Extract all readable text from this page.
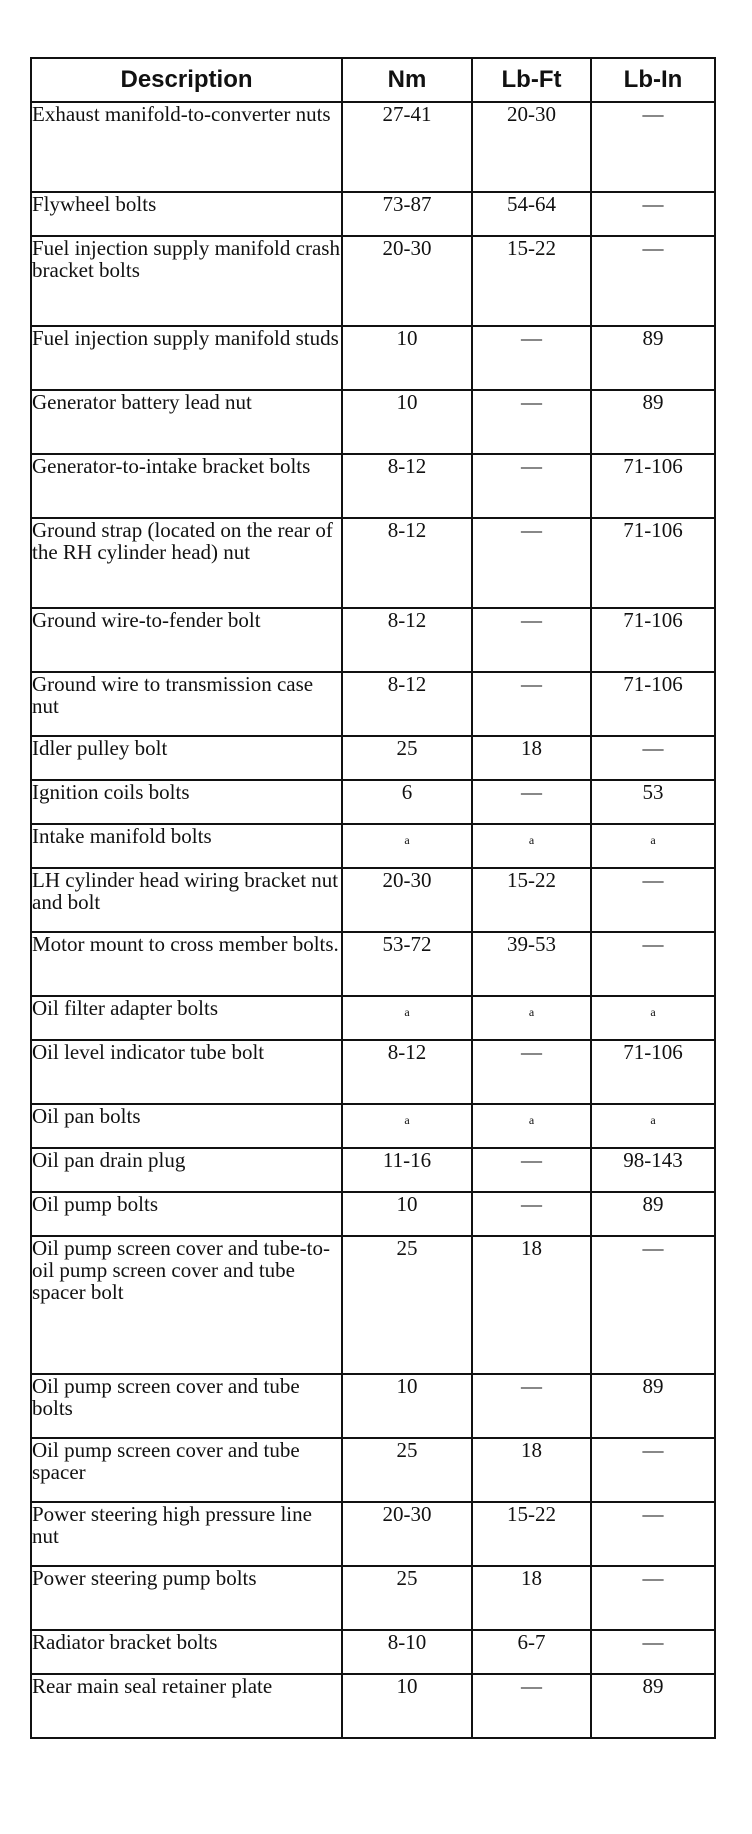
Description	Nm	Lb-Ft	Lb-In
Exhaust manifold-to-converter nuts	27-41	20-30	—
Flywheel bolts	73-87	54-64	—
Fuel injection supply manifold crash bracket bolts	20-30	15-22	—
Fuel injection supply manifold studs	10	—	89
Generator battery lead nut	10	—	89
Generator-to-intake bracket bolts	8-12	—	71-106
Ground strap (located on the rear of the RH cylinder head) nut	8-12	—	71-106
Ground wire-to-fender bolt	8-12	—	71-106
Ground wire to transmission case nut	8-12	—	71-106
Idler pulley bolt	25	18	—
Ignition coils bolts	6	—	53
Intake manifold bolts	$^a$	$^a$	$^a$
LH cylinder head wiring bracket nut and bolt	20-30	15-22	—
Motor mount to cross member bolts.	53-72	39-53	—
Oil filter adapter bolts	$^a$	$^a$	$^a$
Oil level indicator tube bolt	8-12	—	71-106
Oil pan bolts	$^a$	$^a$	$^a$
Oil pan drain plug	11-16	—	98-143
Oil pump bolts	10	—	89
Oil pump screen cover and tube-to-oil pump screen cover and tube spacer bolt	25	18	—
Oil pump screen cover and tube bolts	10	—	89
Oil pump screen cover and tube spacer	25	18	—
Power steering high pressure line nut	20-30	15-22	—
Power steering pump bolts	25	18	—
Radiator bracket bolts	8-10	6-7	—
Rear main seal retainer plate	10	—	89
